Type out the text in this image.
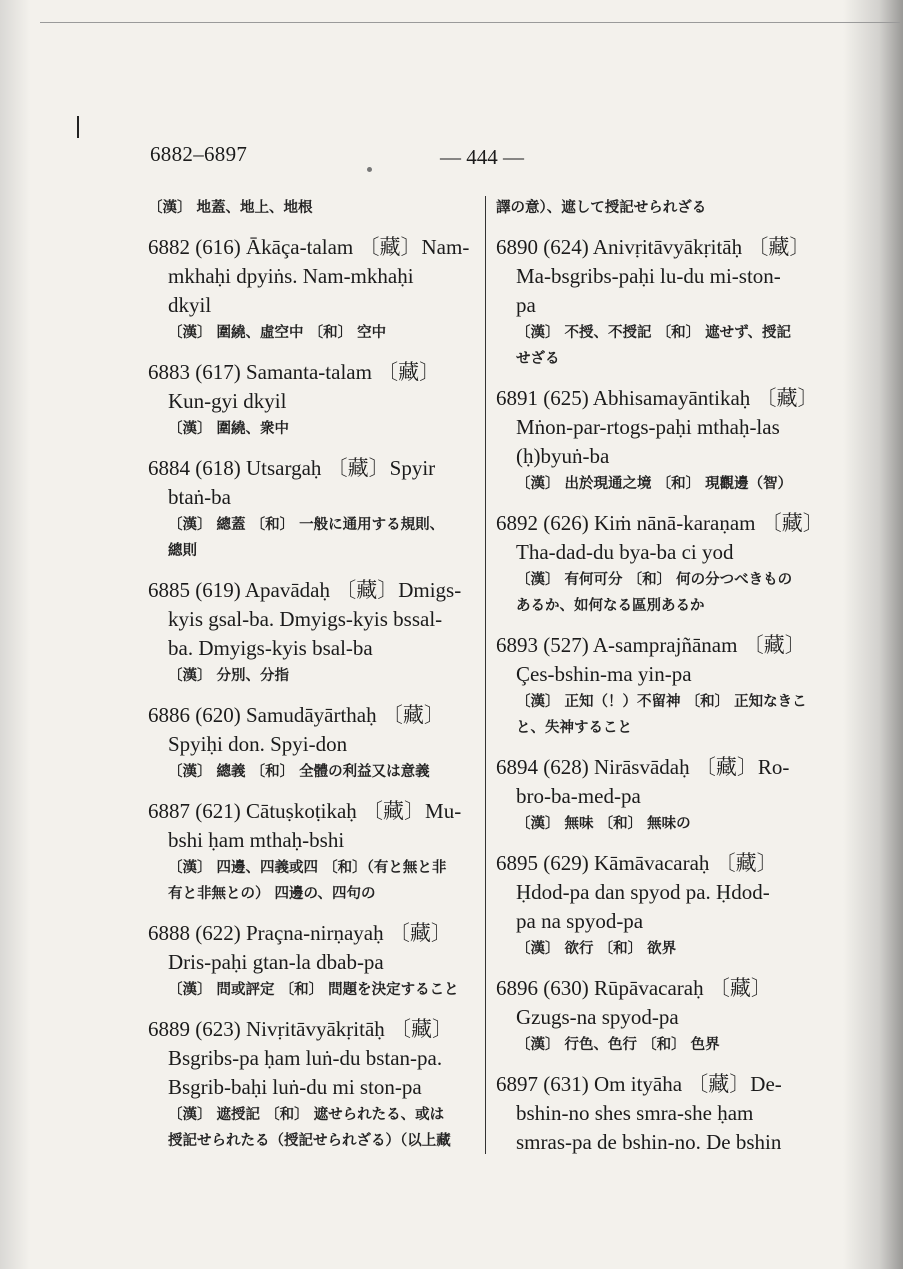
6882–6897	— 444 —
〔漢〕 地蓋、地上、地根
6882 (616) Ākāça-talam 〔藏〕Nam-
mkhaḥi dpyiṅs. Nam-mkhaḥi
dkyil
〔漢〕 圍繞、虛空中 〔和〕 空中
6883 (617) Samanta-talam 〔藏〕
Kun-gyi dkyil
〔漢〕 圍繞、衆中
6884 (618) Utsargaḥ 〔藏〕Spyir
btaṅ-ba
〔漢〕 總蓋 〔和〕 一般に通用する規則、
總則
6885 (619) Apavādaḥ 〔藏〕Dmigs-
kyis gsal-ba. Dmyigs-kyis bssal-
ba. Dmyigs-kyis bsal-ba
〔漢〕 分別、分指
6886 (620) Samudāyārthaḥ 〔藏〕
Spyiḥi don. Spyi-don
〔漢〕 總義 〔和〕 全體の利益又は意義
6887 (621) Cātuṣkoṭikaḥ 〔藏〕Mu-
bshi ḥam mthaḥ-bshi
〔漢〕 四邊、四義或四 〔和〕（有と無と非
有と非無との） 四邊の、四句の
6888 (622) Praçna-nirṇayaḥ 〔藏〕
Dris-paḥi gtan-la dbab-pa
〔漢〕 問或評定 〔和〕 問題を決定すること
6889 (623) Nivṛitāvyākṛitāḥ 〔藏〕
Bsgribs-pa ḥam luṅ-du bstan-pa.
Bsgrib-baḥi luṅ-du mi ston-pa
〔漢〕 遮授記 〔和〕 遮せられたる、或は
授記せられたる（授記せられざる）（以上藏
譯の意）、遮して授記せられざる
6890 (624) Anivṛitāvyākṛitāḥ 〔藏〕
Ma-bsgribs-paḥi lu-du mi-ston-
pa
〔漢〕 不授、不授記 〔和〕 遮せず、授記
せざる
6891 (625) Abhisamayāntikaḥ 〔藏〕
Mṅon-par-rtogs-paḥi mthaḥ-las
(ḥ)byuṅ-ba
〔漢〕 出於現通之境 〔和〕 現觀邊（智）
6892 (626) Kiṁ nānā-karaṇam 〔藏〕
Tha-dad-du bya-ba ci yod
〔漢〕 有何可分 〔和〕 何の分つべきもの
あるか、如何なる區別あるか
6893 (527) A-samprajñānam 〔藏〕
Çes-bshin-ma yin-pa
〔漢〕 正知（！）不留神 〔和〕 正知なきこ
と、失神すること
6894 (628) Nirāsvādaḥ 〔藏〕Ro-
bro-ba-med-pa
〔漢〕 無味 〔和〕 無味の
6895 (629) Kāmāvacaraḥ 〔藏〕
Ḥdod-pa dan spyod pa. Ḥdod-
pa na spyod-pa
〔漢〕 欲行 〔和〕 欲界
6896 (630) Rūpāvacaraḥ 〔藏〕
Gzugs-na spyod-pa
〔漢〕 行色、色行 〔和〕 色界
6897 (631) Om ityāha 〔藏〕De-
bshin-no shes smra-she ḥam
smras-pa de bshin-no. De bshin
